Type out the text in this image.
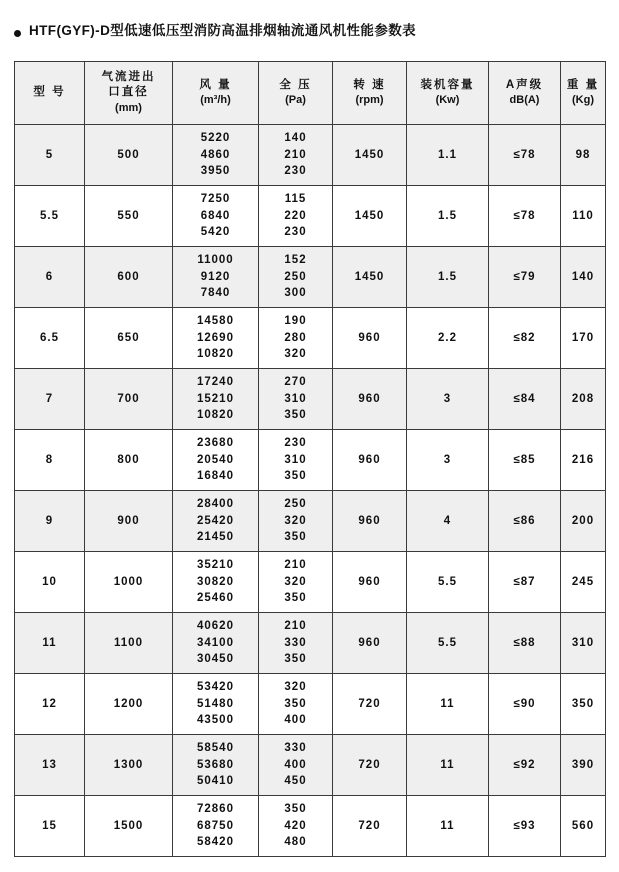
HTF(GYF)-D型低速低压型消防高温排烟轴流通风机性能参数表
型 号	气流进出
口直径
(mm)	风 量
(m³/h)	全 压
(Pa)	转 速
(rpm)	装机容量
(Kw)	A声级
dB(A)	重 量
(Kg)

5	500	5220
4860
3950	140
210
230	1450	1.1	≤78	98
5.5	550	7250
6840
5420	115
220
230	1450	1.5	≤78	110
6	600	11000
9120
7840	152
250
300	1450	1.5	≤79	140
6.5	650	14580
12690
10820	190
280
320	960	2.2	≤82	170
7	700	17240
15210
10820	270
310
350	960	3	≤84	208
8	800	23680
20540
16840	230
310
350	960	3	≤85	216
9	900	28400
25420
21450	250
320
350	960	4	≤86	200
10	1000	35210
30820
25460	210
320
350	960	5.5	≤87	245
11	1100	40620
34100
30450	210
330
350	960	5.5	≤88	310
12	1200	53420
51480
43500	320
350
400	720	11	≤90	350
13	1300	58540
53680
50410	330
400
450	720	11	≤92	390
15	1500	72860
68750
58420	350
420
480	720	11	≤93	560
